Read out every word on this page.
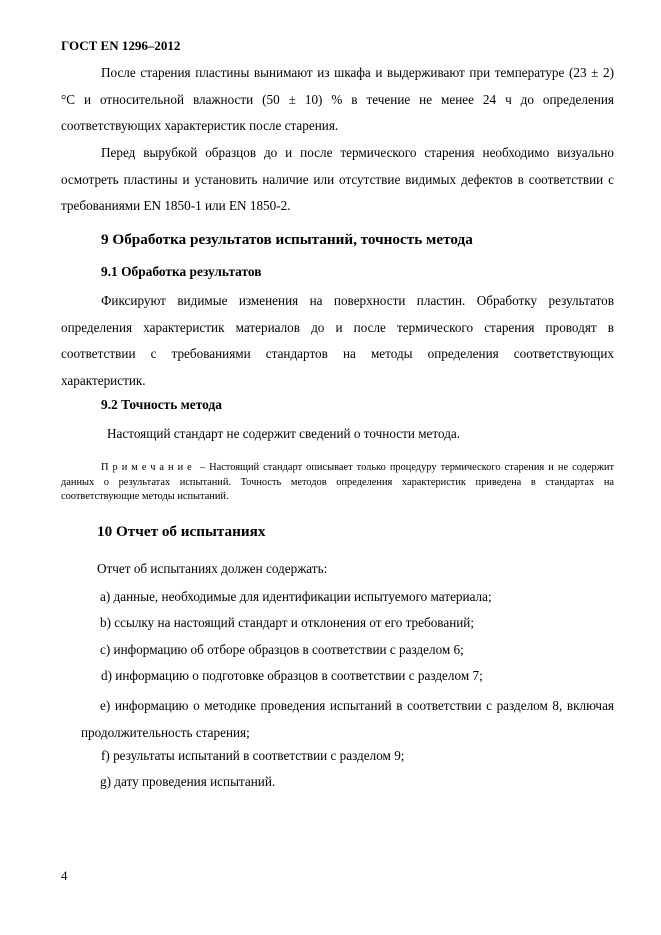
ГОСТ EN 1296–2012

После старения пластины вынимают из шкафа и выдерживают при температуре (23 ± 2) °С и относительной влажности (50 ± 10) % в течение не менее 24 ч до определения соответствующих характеристик после старения.

Перед вырубкой образцов до и после термического старения необходимо визуально осмотреть пластины и установить наличие или отсутствие видимых дефектов в соответствии с требованиями EN 1850-1 или EN 1850-2.

9 Обработка результатов испытаний, точность метода
9.1 Обработка результатов

Фиксируют видимые изменения на поверхности пластин. Обработку результатов определения характеристик материалов до и после термического старения проводят в соответствии с требованиями стандартов на методы определения соответствующих характеристик.

9.2 Точность метода

Настоящий стандарт не содержит сведений о точности метода.

Примечание – Настоящий стандарт описывает только процедуру термического старения и не содержит данных о результатах испытаний. Точность методов определения характеристик приведена в стандартах на соответствующие методы испытаний.

10 Отчет об испытаниях

Отчет об испытаниях должен содержать:

а) данные, необходимые для идентификации испытуемого материала;

b) ссылку на настоящий стандарт и отклонения от его требований;

с) информацию об отборе образцов в соответствии с разделом 6;

d) информацию о подготовке образцов в соответствии с разделом 7;

е) информацию о методике проведения испытаний в соответствии с разделом 8, включая продолжительность старения;

f) результаты испытаний в соответствии с разделом 9;

g) дату проведения испытаний.

4
